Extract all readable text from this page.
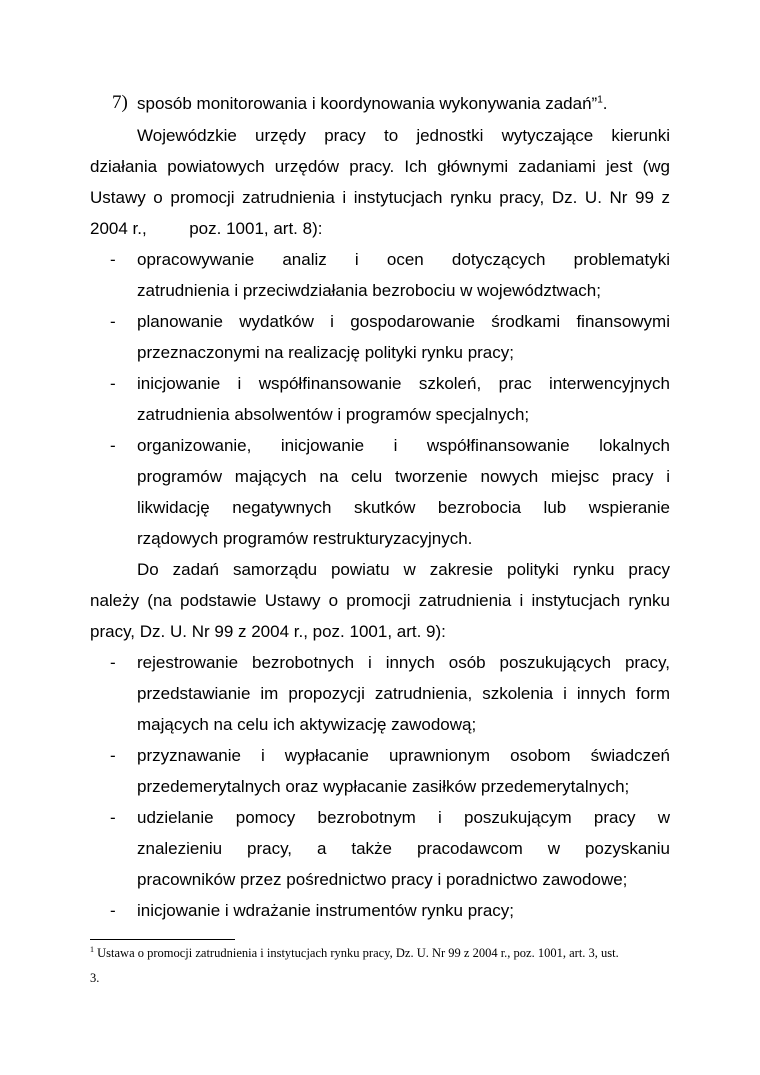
7) sposób monitorowania i koordynowania wykonywania zadań”$^1$.
Wojewódzkie urzędy pracy to jednostki wytyczające kierunki
działania powiatowych urzędów pracy. Ich głównymi zadaniami jest (wg
Ustawy o promocji zatrudnienia i instytucjach rynku pracy, Dz. U. Nr 99 z
2004 r.,         poz. 1001, art. 8):
- opracowywanie analiz i ocen dotyczących problematyki
zatrudnienia i przeciwdziałania bezrobociu w województwach;
- planowanie wydatków i gospodarowanie środkami finansowymi
przeznaczonymi na realizację polityki rynku pracy;
- inicjowanie i współfinansowanie szkoleń, prac interwencyjnych
zatrudnienia absolwentów i programów specjalnych;
- organizowanie, inicjowanie i współfinansowanie lokalnych
programów mających na celu tworzenie nowych miejsc pracy i
likwidację negatywnych skutków bezrobocia lub wspieranie
rządowych programów restrukturyzacyjnych.
Do zadań samorządu powiatu w zakresie polityki rynku pracy
należy (na podstawie Ustawy o promocji zatrudnienia i instytucjach rynku
pracy, Dz. U. Nr 99 z 2004 r., poz. 1001, art. 9):
- rejestrowanie bezrobotnych i innych osób poszukujących pracy,
przedstawianie im propozycji zatrudnienia, szkolenia i innych form
mających na celu ich aktywizację zawodową;
- przyznawanie i wypłacanie uprawnionym osobom świadczeń
przedemerytalnych oraz wypłacanie zasiłków przedemerytalnych;
- udzielanie pomocy bezrobotnym i poszukującym pracy w
znalezieniu pracy, a także pracodawcom w pozyskaniu
pracowników przez pośrednictwo pracy i poradnictwo zawodowe;
- inicjowanie i wdrażanie instrumentów rynku pracy;
$^1$ Ustawa o promocji zatrudnienia i instytucjach rynku pracy, Dz. U. Nr 99 z 2004 r., poz. 1001, art. 3, ust.
3.
